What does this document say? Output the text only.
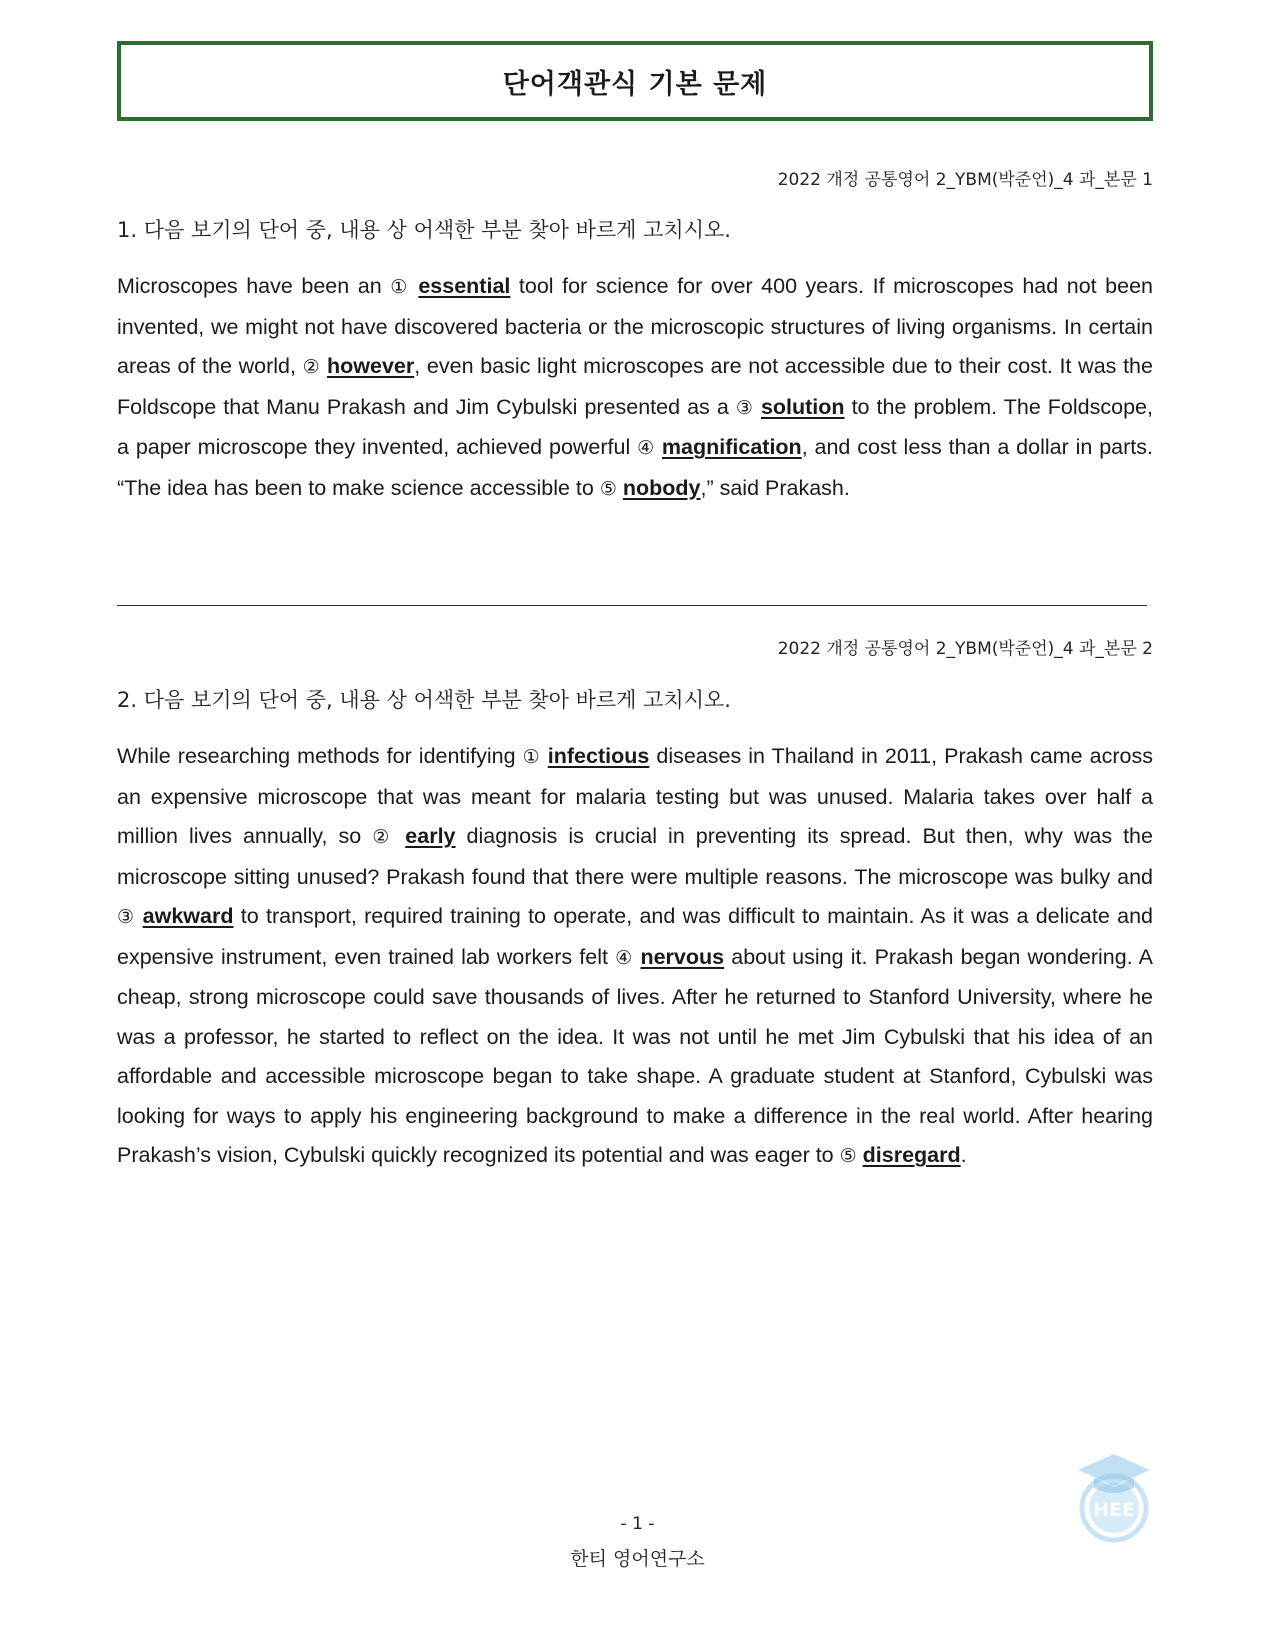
단어객관식 기본 문제
2022 개정 공통영어 2_YBM(박준언)_4 과_본문 1
1. 다음 보기의 단어 중, 내용 상 어색한 부분 찾아 바르게 고치시오.

Microscopes have been an ① essential tool for science for over 400 years. If microscopes had not been invented, we might not have discovered bacteria or the microscopic structures of living organisms. In certain areas of the world, ② however, even basic light microscopes are not accessible due to their cost. It was the Foldscope that Manu Prakash and Jim Cybulski presented as a ③ solution to the problem. The Foldscope, a paper microscope they invented, achieved powerful ④ magnification, and cost less than a dollar in parts. “The idea has been to make science accessible to ⑤ nobody,” said Prakash.

2022 개정 공통영어 2_YBM(박준언)_4 과_본문 2
2. 다음 보기의 단어 중, 내용 상 어색한 부분 찾아 바르게 고치시오.

While researching methods for identifying ① infectious diseases in Thailand in 2011, Prakash came across an expensive microscope that was meant for malaria testing but was unused. Malaria takes over half a million lives annually, so ② early diagnosis is crucial in preventing its spread. But then, why was the microscope sitting unused? Prakash found that there were multiple reasons. The microscope was bulky and ③ awkward to transport, required training to operate, and was difficult to maintain. As it was a delicate and expensive instrument, even trained lab workers felt ④ nervous about using it. Prakash began wondering. A cheap, strong microscope could save thousands of lives. After he returned to Stanford University, where he was a professor, he started to reflect on the idea. It was not until he met Jim Cybulski that his idea of an affordable and accessible microscope began to take shape. A graduate student at Stanford, Cybulski was looking for ways to apply his engineering background to make a difference in the real world. After hearing Prakash’s vision, Cybulski quickly recognized its potential and was eager to ⑤ disregard.

- 1 -
한티 영어연구소
HEE
